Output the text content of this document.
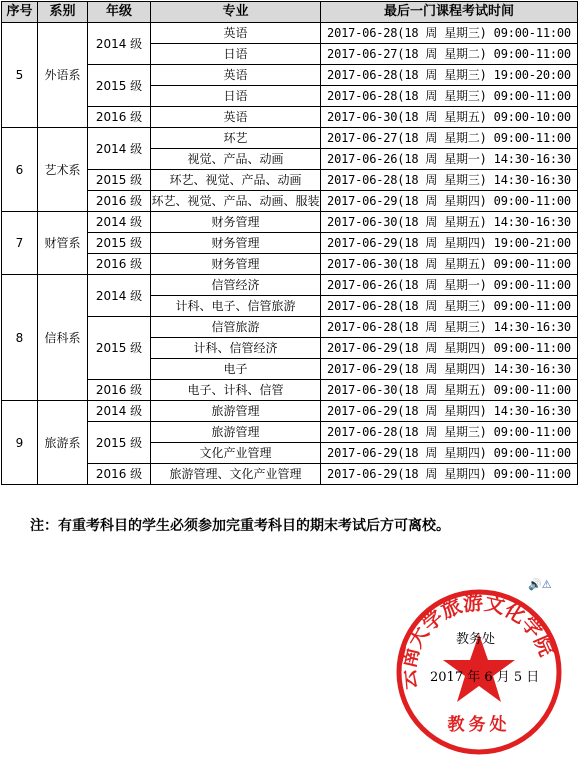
序号	系别	年级	专业	最后一门课程考试时间
5	外语系	2014 级	英语	2017-06-28(18 周 星期三) 09:00-11:00
			日语	2017-06-27(18 周 星期二) 09:00-11:00
		2015 级	英语	2017-06-28(18 周 星期三) 19:00-20:00
			日语	2017-06-28(18 周 星期三) 09:00-11:00
		2016 级	英语	2017-06-30(18 周 星期五) 09:00-10:00
6	艺术系	2014 级	环艺	2017-06-27(18 周 星期二) 09:00-11:00
			视觉、产品、动画	2017-06-26(18 周 星期一) 14:30-16:30
		2015 级	环艺、视觉、产品、动画	2017-06-28(18 周 星期三) 14:30-16:30
		2016 级	环艺、视觉、产品、动画、服装	2017-06-29(18 周 星期四) 09:00-11:00
7	财管系	2014 级	财务管理	2017-06-30(18 周 星期五) 14:30-16:30
		2015 级	财务管理	2017-06-29(18 周 星期四) 19:00-21:00
		2016 级	财务管理	2017-06-30(18 周 星期五) 09:00-11:00
8	信科系	2014 级	信管经济	2017-06-26(18 周 星期一) 09:00-11:00
			计科、电子、信管旅游	2017-06-28(18 周 星期三) 09:00-11:00
		2015 级	信管旅游	2017-06-28(18 周 星期三) 14:30-16:30
			计科、信管经济	2017-06-29(18 周 星期四) 09:00-11:00
			电子	2017-06-29(18 周 星期四) 14:30-16:30
		2016 级	电子、计科、信管	2017-06-30(18 周 星期五) 09:00-11:00
9	旅游系	2014 级	旅游管理	2017-06-29(18 周 星期四) 14:30-16:30
		2015 级	旅游管理	2017-06-28(18 周 星期三) 09:00-11:00
			文化产业管理	2017-06-29(18 周 星期四) 09:00-11:00
		2016 级	旅游管理、文化产业管理	2017-06-29(18 周 星期四) 09:00-11:00
注：有重考科目的学生必须参加完重考科目的期末考试后方可离校。
🔊⚠
云南大学旅游文化学院
教务处
教务处
2017 年 6 月 5 日
